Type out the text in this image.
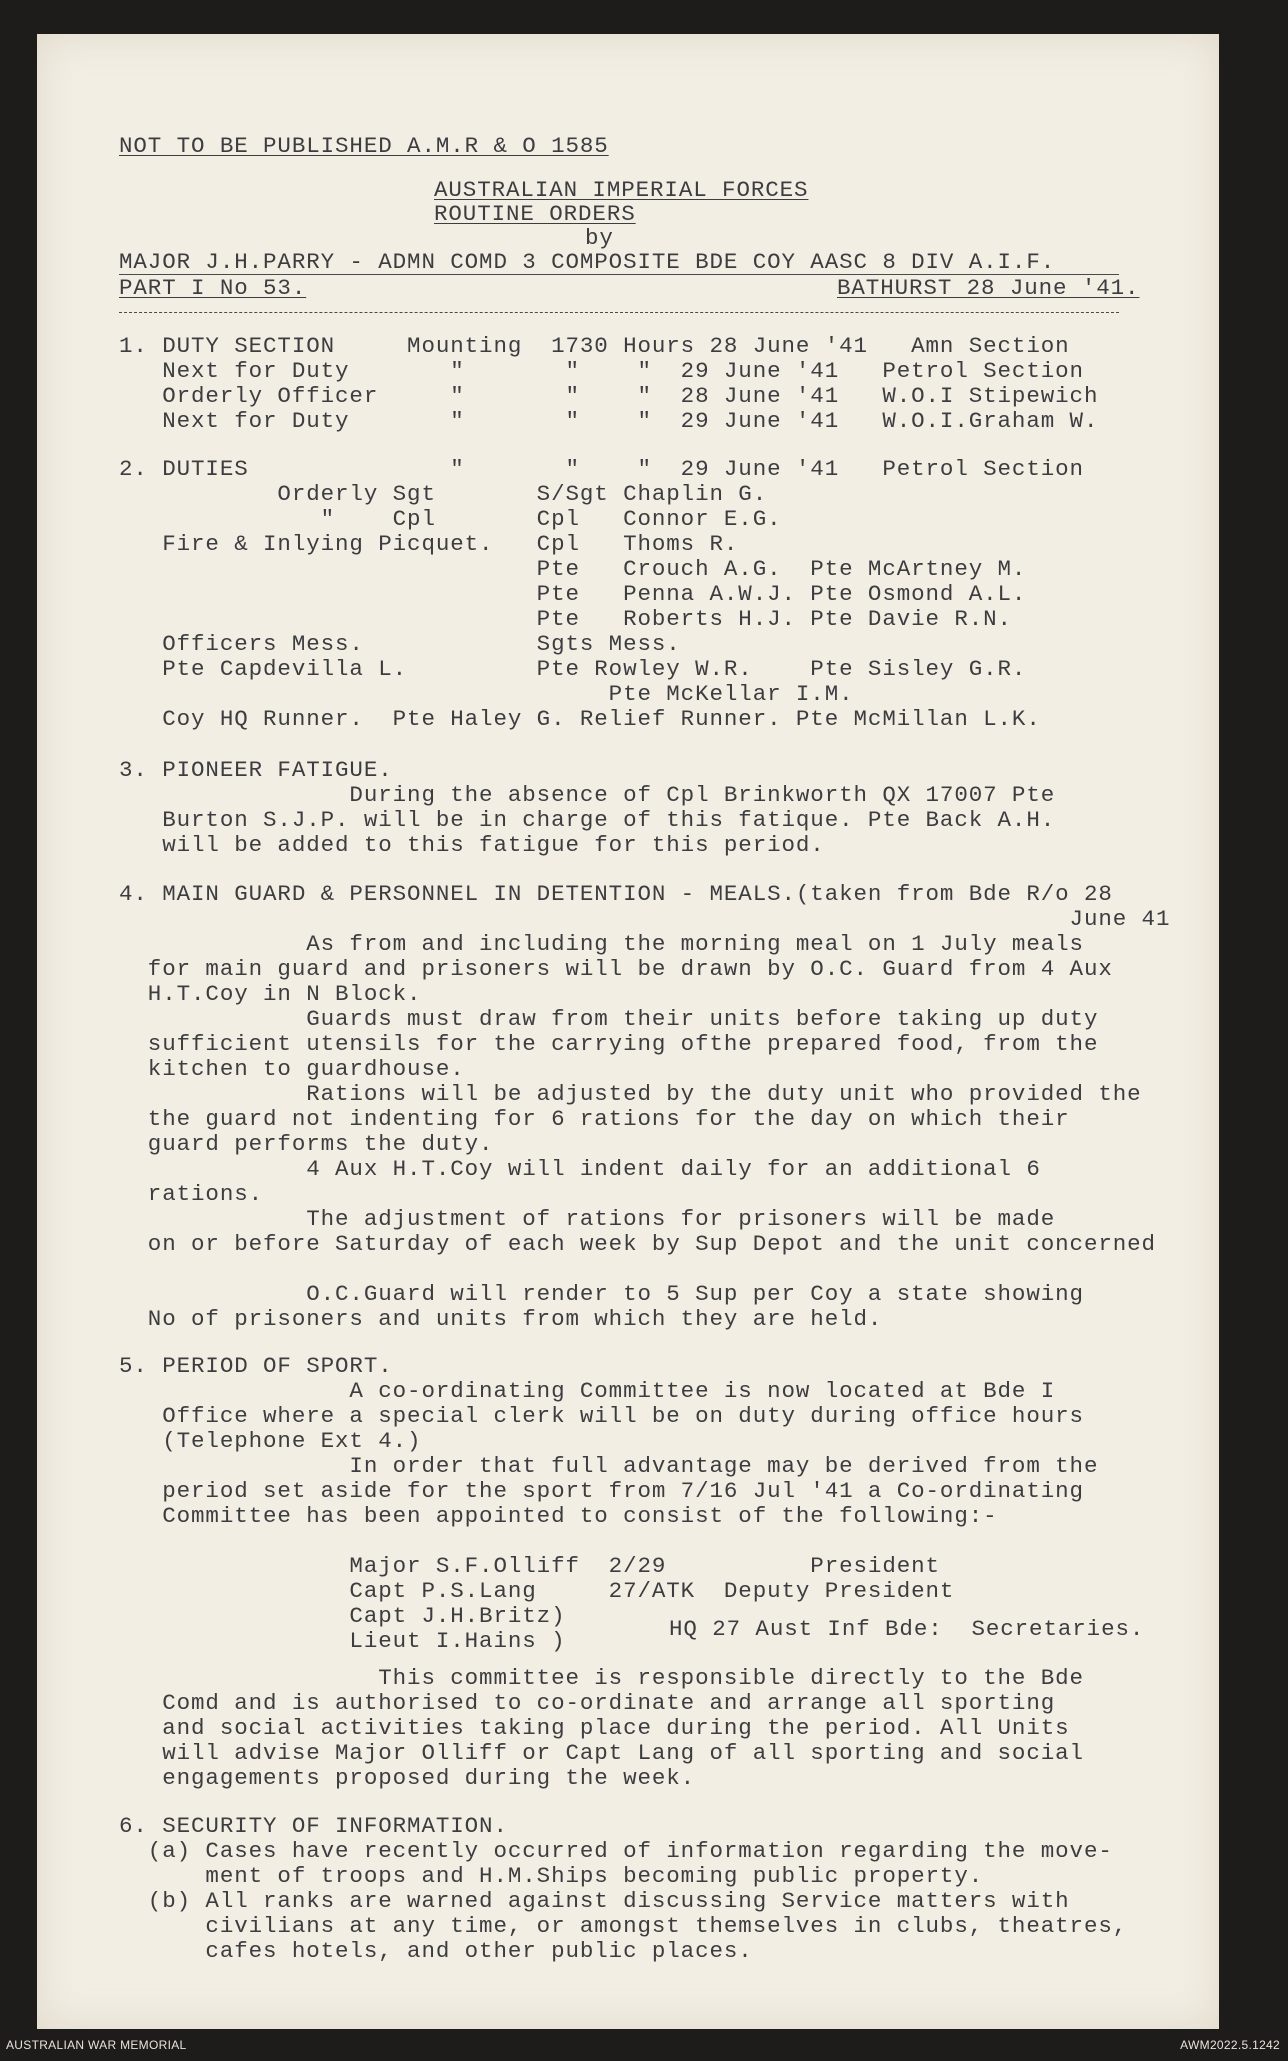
NOT TO BE PUBLISHED A.M.R & O 1585
AUSTRALIAN IMPERIAL FORCES
ROUTINE ORDERS
by
MAJOR J.H.PARRY - ADMN COMD 3 COMPOSITE BDE COY AASC 8 DIV A.I.F.
PART I No 53.	BATHURST 28 June '41.
1. DUTY SECTION     Mounting  1730 Hours 28 June '41   Amn Section
Next for Duty       "       "    "  29 June '41   Petrol Section
Orderly Officer     "       "    "  28 June '41   W.O.I Stipewich
Next for Duty       "       "    "  29 June '41   W.O.I.Graham W.
2. DUTIES              "       "    "  29 June '41   Petrol Section
Orderly Sgt       S/Sgt Chaplin G.
"    Cpl       Cpl   Connor E.G.
Fire & Inlying Picquet.   Cpl   Thoms R.
Pte   Crouch A.G.  Pte McArtney M.
Pte   Penna A.W.J. Pte Osmond A.L.
Pte   Roberts H.J. Pte Davie R.N.
Officers Mess.            Sgts Mess.
Pte Capdevilla L.         Pte Rowley W.R.    Pte Sisley G.R.
Pte McKellar I.M.
Coy HQ Runner.  Pte Haley G. Relief Runner. Pte McMillan L.K.
3. PIONEER FATIGUE.
During the absence of Cpl Brinkworth QX 17007 Pte
Burton S.J.P. will be in charge of this fatique. Pte Back A.H.
will be added to this fatigue for this period.
4. MAIN GUARD & PERSONNEL IN DETENTION - MEALS.(taken from Bde R/o 28
June 41
As from and including the morning meal on 1 July meals
for main guard and prisoners will be drawn by O.C. Guard from 4 Aux
H.T.Coy in N Block.
Guards must draw from their units before taking up duty
sufficient utensils for the carrying ofthe prepared food, from the
kitchen to guardhouse.
Rations will be adjusted by the duty unit who provided the
the guard not indenting for 6 rations for the day on which their
guard performs the duty.
4 Aux H.T.Coy will indent daily for an additional 6
rations.
The adjustment of rations for prisoners will be made
on or before Saturday of each week by Sup Depot and the unit concerned
O.C.Guard will render to 5 Sup per Coy a state showing
No of prisoners and units from which they are held.
5. PERIOD OF SPORT.
A co-ordinating Committee is now located at Bde I
Office where a special clerk will be on duty during office hours
(Telephone Ext 4.)
In order that full advantage may be derived from the
period set aside for the sport from 7/16 Jul '41 a Co-ordinating
Committee has been appointed to consist of the following:-
Major S.F.Olliff  2/29          President
Capt P.S.Lang     27/ATK  Deputy President
Capt J.H.Britz)
Lieut I.Hains )	HQ 27 Aust Inf Bde:  Secretaries.
This committee is responsible directly to the Bde
Comd and is authorised to co-ordinate and arrange all sporting
and social activities taking place during the period. All Units
will advise Major Olliff or Capt Lang of all sporting and social
engagements proposed during the week.
6. SECURITY OF INFORMATION.
(a) Cases have recently occurred of information regarding the move-
ment of troops and H.M.Ships becoming public property.
(b) All ranks are warned against discussing Service matters with
civilians at any time, or amongst themselves in clubs, theatres,
cafes hotels, and other public places.
AUSTRALIAN WAR MEMORIAL	AWM2022.5.1242
